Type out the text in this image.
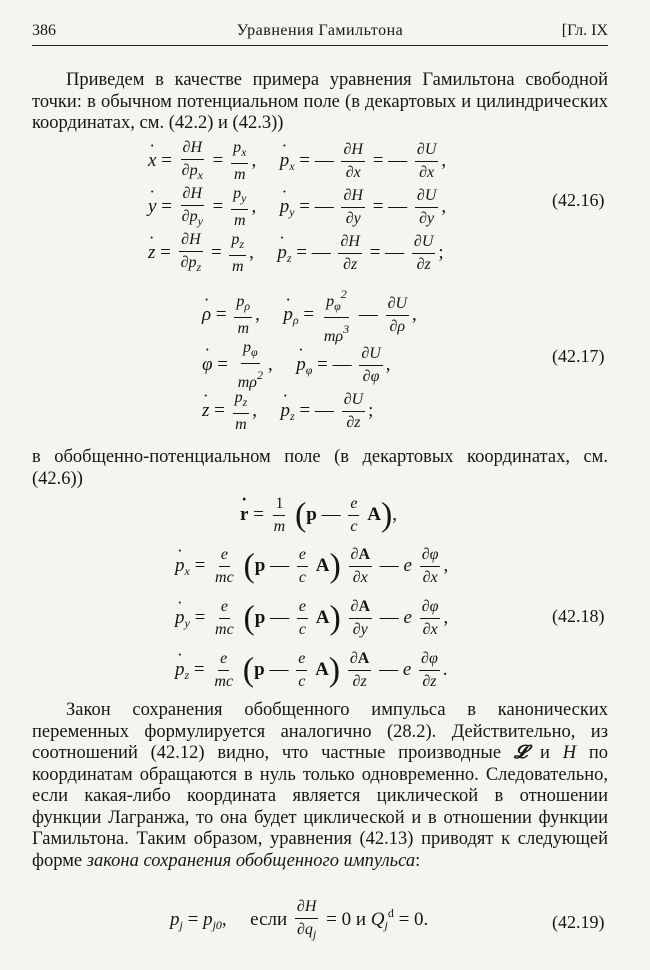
386	Уравнения Гамильтона	[Гл. IX
Приведем в качестве примера уравнения Гамильтона свободной точки: в обычном потенциальном поле (в декартовых и цилиндрических координатах, см. (42.2) и (42.3))
˙ $x = \frac{\partial H}{\partial p_x} = \frac{p_x}{m}$ , ˙ $p_x$ = — $\frac{\partial H}{\partial x}$ = — $\frac{\partial U}{\partial x}$ ,
˙ $y = \frac{\partial H}{\partial p_y} = \frac{p_y}{m}$ , ˙ $p_y$ = — $\frac{\partial H}{\partial y}$ = — $\frac{\partial U}{\partial y}$ ,
˙ $z = \frac{\partial H}{\partial p_z} = \frac{p_z}{m}$ , ˙ $p_z$ = — $\frac{\partial H}{\partial z}$ = — $\frac{\partial U}{\partial z}$ ;
(42.16)
˙ $\rho = \frac{p_\rho}{m}$ , ˙ $p_\rho = \frac{p_\varphi^2}{m\rho^3}$ — $\frac{\partial U}{\partial\rho}$ ,
˙ $\varphi = \frac{p_\varphi}{m\rho^2}$ , ˙ $p_\varphi$ = — $\frac{\partial U}{\partial\varphi}$ ,
˙ $z = \frac{p_z}{m}$ , ˙ $p_z$ = — $\frac{\partial U}{\partial z}$ ;
(42.17)
в обобщенно-потенциальном поле (в декартовых координатах, см. (42.6))
˙ $r = \frac{1}{m} (p$ — $\frac{e}{c} A$),
˙ $p_x = \frac{e}{mc} (p$ — $\frac{e}{c} A) \frac{\partial A}{\partial x}$ — e $\frac{\partial\varphi}{\partial x}$ ,
˙ $p_y = \frac{e}{mc} (p$ — $\frac{e}{c} A) \frac{\partial A}{\partial y}$ — e $\frac{\partial\varphi}{\partial x}$ ,
˙ $p_z = \frac{e}{mc} (p$ — $\frac{e}{c} A) \frac{\partial A}{\partial z}$ — e $\frac{\partial\varphi}{\partial z}$ .
(42.18)
Закон сохранения обобщенного импульса в канонических переменных формулируется аналогично (28.2). Действительно, из соотношений (42.12) видно, что частные производные 𝓛 и H по координатам обращаются в нуль только одновременно. Следовательно, если какая-либо координата является циклической в отношении функции Лагранжа, то она будет циклической и в отношении функции Гамильтона. Таким образом, уравнения (42.13) приводят к следующей форме закона сохранения обобщенного импульса:
$p_j = p_{j0}$, если $\frac{\partial H}{\partial q_j} = 0$ и $Q_j^d = 0$.	(42.19)
